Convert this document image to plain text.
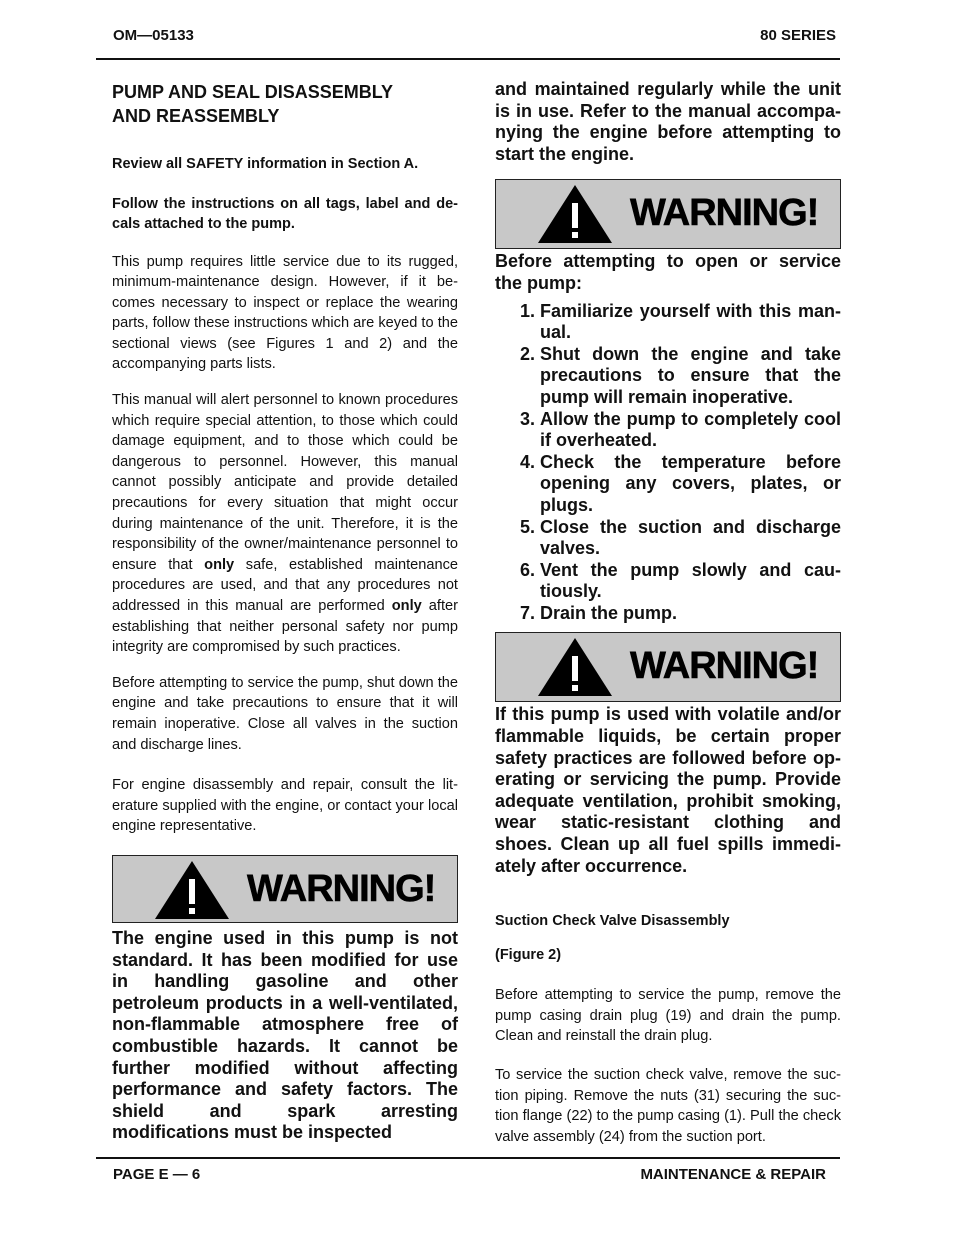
OM—05133	80 SERIES
PUMP AND SEAL DISASSEMBLY
AND REASSEMBLY

Review all SAFETY information in Section A.

Follow the instructions on all tags, label and decals attached to the pump.

This pump requires little service due to its rugged, minimum-maintenance design. However, if it becomes necessary to inspect or replace the wearing parts, follow these instructions which are keyed to the sectional views (see Figures 1 and 2) and the accompanying parts lists.

This manual will alert personnel to known procedures which require special attention, to those which could damage equipment, and to those which could be dangerous to personnel. However, this manual cannot possibly anticipate and provide detailed precautions for every situation that might occur during maintenance of the unit. Therefore, it is the responsibility of the owner/maintenance personnel to ensure that only safe, established maintenance procedures are used, and that any procedures not addressed in this manual are performed only after establishing that neither personal safety nor pump integrity are compromised by such practices.

Before attempting to service the pump, shut down the engine and take precautions to ensure that it will remain inoperative. Close all valves in the suction and discharge lines.

For engine disassembly and repair, consult the literature supplied with the engine, or contact your local engine representative.

WARNING!

The engine used in this pump is not standard. It has been modified for use in handling gasoline and other petroleum products in a well-ventilated, non-flammable atmosphere free of combustible hazards. It cannot be further modified without affecting performance and safety factors. The shield and spark arresting modifications must be inspected

and maintained regularly while the unit is in use. Refer to the manual accompanying the engine before attempting to start the engine.

WARNING!

Before attempting to open or service the pump:

1. Familiarize yourself with this manual.
2. Shut down the engine and take precautions to ensure that the pump will remain inoperative.
3. Allow the pump to completely cool if overheated.
4. Check the temperature before opening any covers, plates, or plugs.
5. Close the suction and discharge valves.
6. Vent the pump slowly and cautiously.
7. Drain the pump.
WARNING!

If this pump is used with volatile and/or flammable liquids, be certain proper safety practices are followed before operating or servicing the pump. Provide adequate ventilation, prohibit smoking, wear static-resistant clothing and shoes. Clean up all fuel spills immediately after occurrence.

Suction Check Valve Disassembly

(Figure 2)

Before attempting to service the pump, remove the pump casing drain plug (19) and drain the pump. Clean and reinstall the drain plug.

To service the suction check valve, remove the suction piping. Remove the nuts (31) securing the suction flange (22) to the pump casing (1). Pull the check valve assembly (24) from the suction port.

PAGE E — 6	MAINTENANCE & REPAIR
